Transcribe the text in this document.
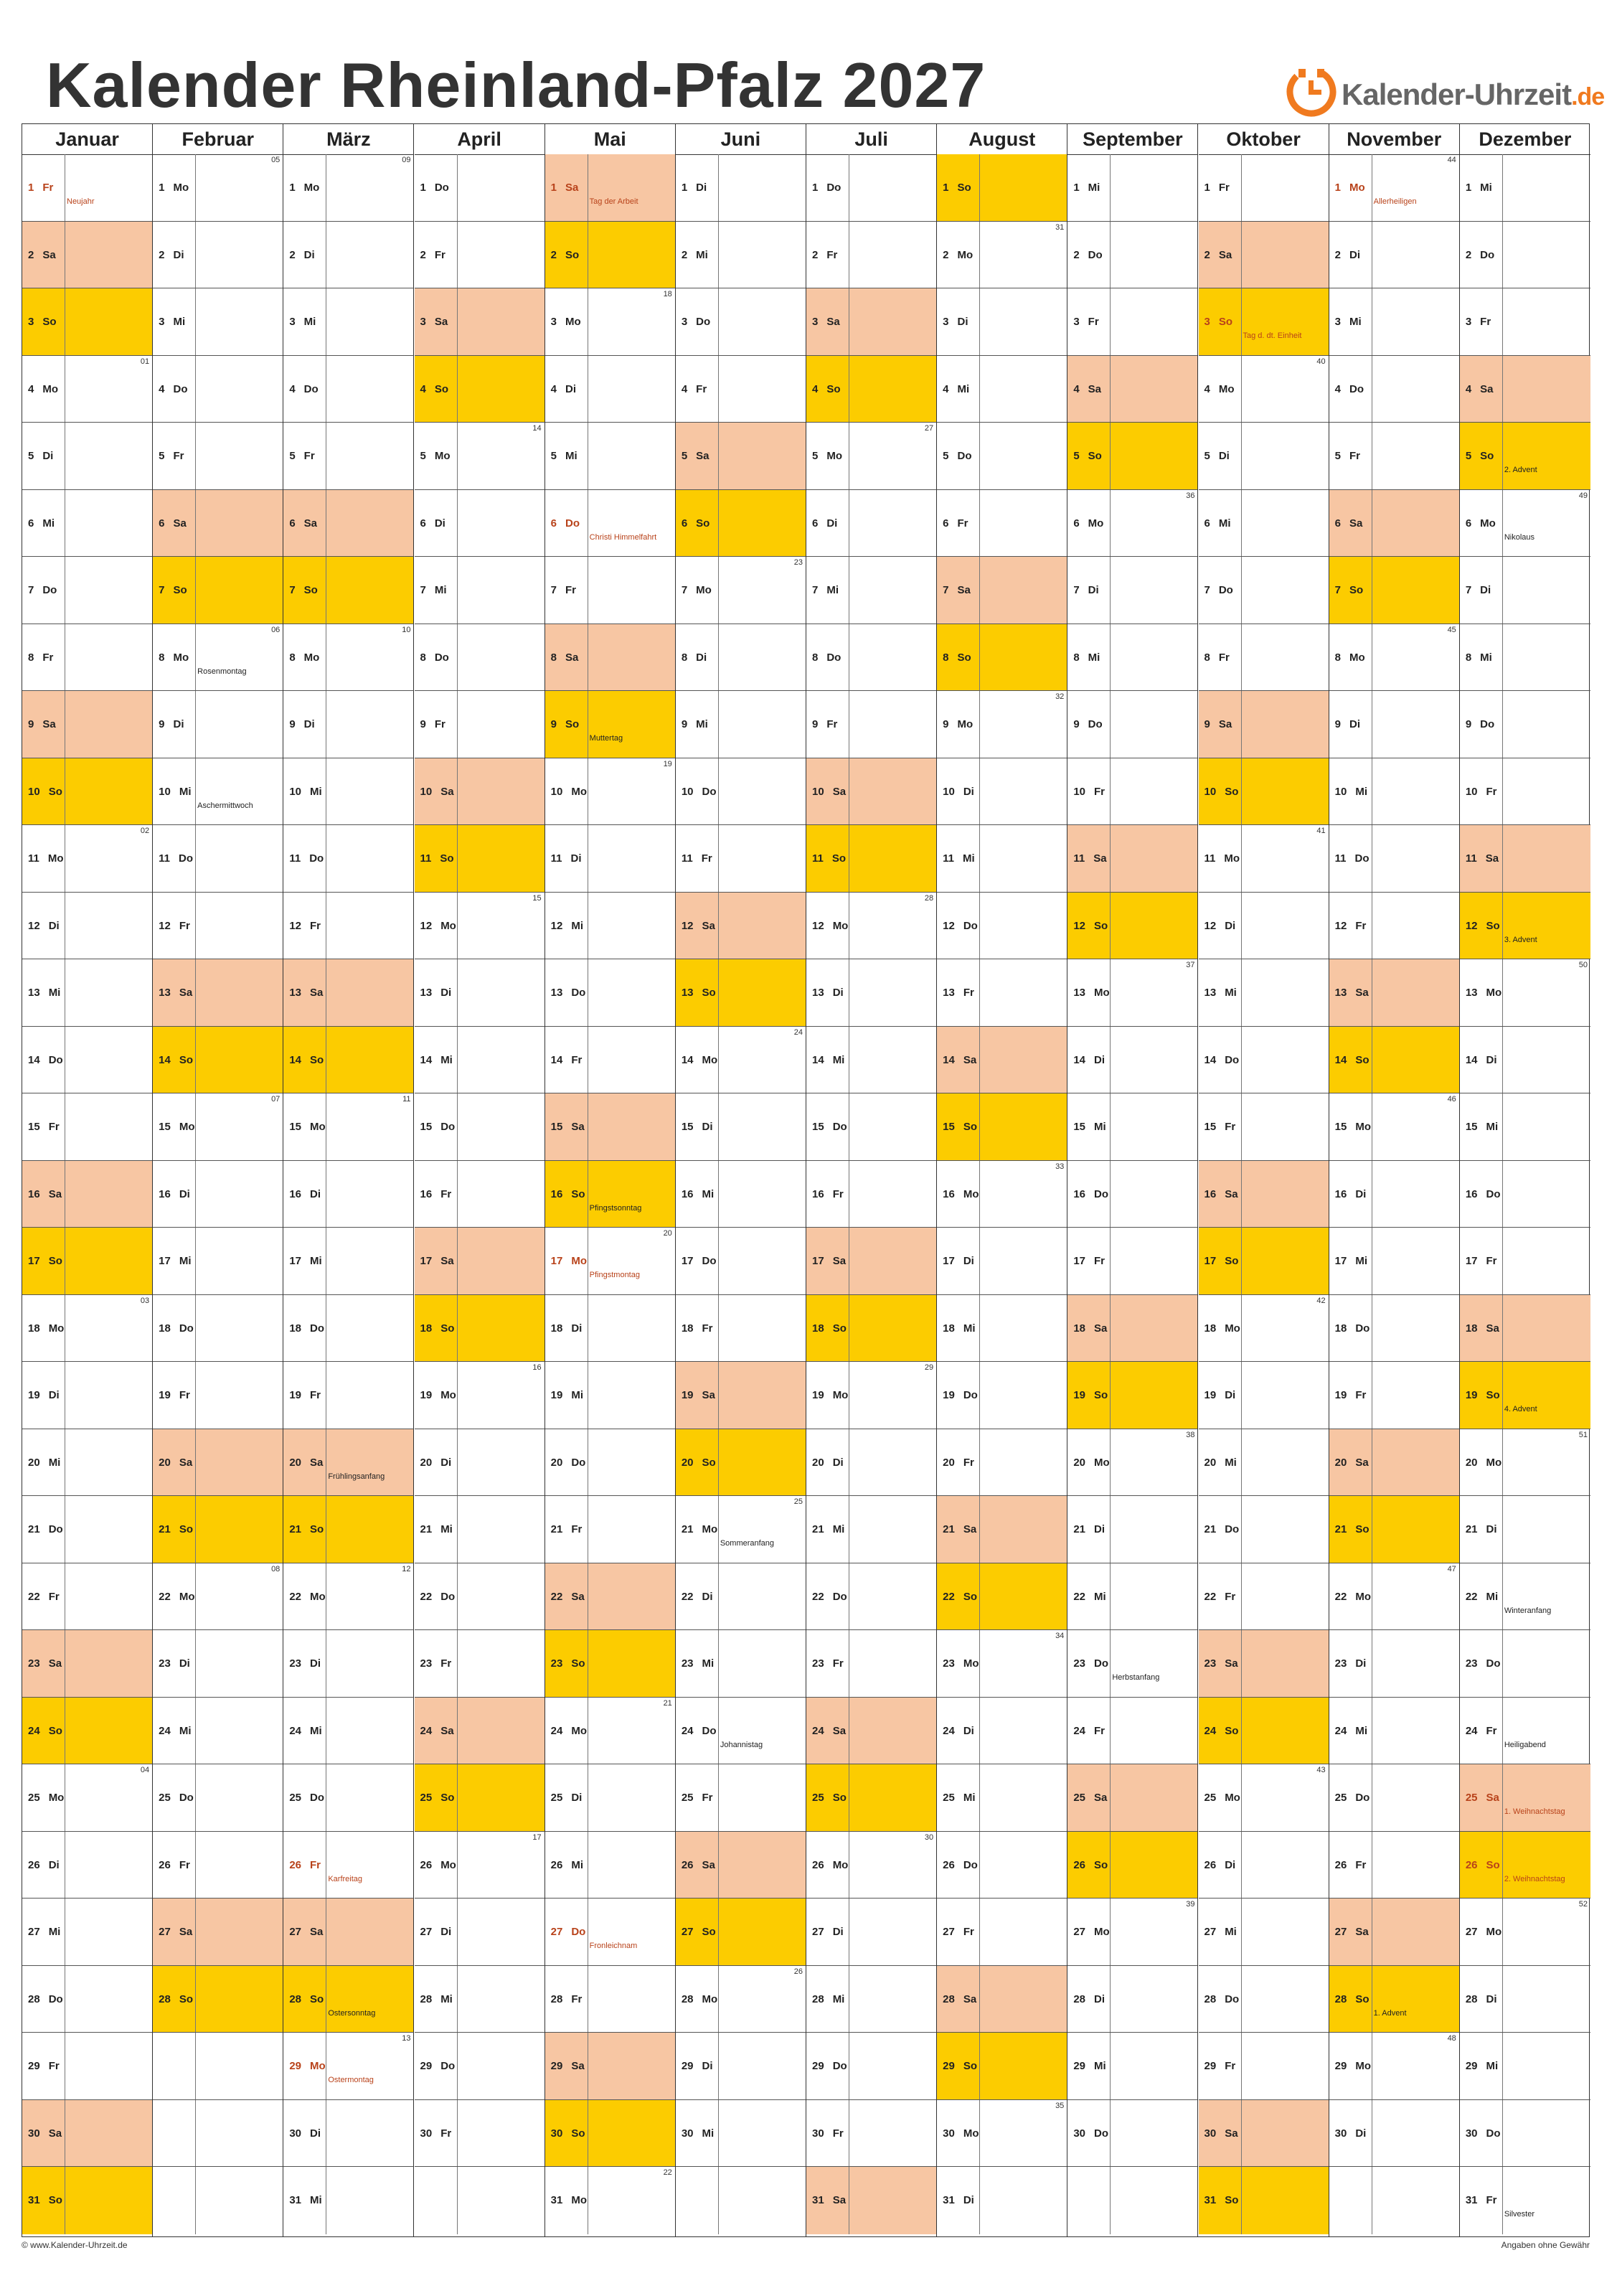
Kalender Rheinland-Pfalz 2027	Kalender-Uhrzeit.de
Januar
1 Fr
Neujahr
2 Sa
3 So
4 Mo
01
5 Di
6 Mi
7 Do
8 Fr
9 Sa
10 So
11 Mo
02
12 Di
13 Mi
14 Do
15 Fr
16 Sa
17 So
18 Mo
03
19 Di
20 Mi
21 Do
22 Fr
23 Sa
24 So
25 Mo
04
26 Di
27 Mi
28 Do
29 Fr
30 Sa
31 So
Februar
1 Mo
05
2 Di
3 Mi
4 Do
5 Fr
6 Sa
7 So
8 Mo
06
Rosenmontag
9 Di
10 Mi
Aschermittwoch
11 Do
12 Fr
13 Sa
14 So
15 Mo
07
16 Di
17 Mi
18 Do
19 Fr
20 Sa
21 So
22 Mo
08
23 Di
24 Mi
25 Do
26 Fr
27 Sa
28 So
März
1 Mo
09
2 Di
3 Mi
4 Do
5 Fr
6 Sa
7 So
8 Mo
10
9 Di
10 Mi
11 Do
12 Fr
13 Sa
14 So
15 Mo
11
16 Di
17 Mi
18 Do
19 Fr
20 Sa
Frühlingsanfang
21 So
22 Mo
12
23 Di
24 Mi
25 Do
26 Fr
Karfreitag
27 Sa
28 So
Ostersonntag
29 Mo
13
Ostermontag
30 Di
31 Mi
April
1 Do
2 Fr
3 Sa
4 So
5 Mo
14
6 Di
7 Mi
8 Do
9 Fr
10 Sa
11 So
12 Mo
15
13 Di
14 Mi
15 Do
16 Fr
17 Sa
18 So
19 Mo
16
20 Di
21 Mi
22 Do
23 Fr
24 Sa
25 So
26 Mo
17
27 Di
28 Mi
29 Do
30 Fr
Mai
1 Sa
Tag der Arbeit
2 So
3 Mo
18
4 Di
5 Mi
6 Do
Christi Himmelfahrt
7 Fr
8 Sa
9 So
Muttertag
10 Mo
19
11 Di
12 Mi
13 Do
14 Fr
15 Sa
16 So
Pfingstsonntag
17 Mo
20
Pfingstmontag
18 Di
19 Mi
20 Do
21 Fr
22 Sa
23 So
24 Mo
21
25 Di
26 Mi
27 Do
Fronleichnam
28 Fr
29 Sa
30 So
31 Mo
22
Juni
1 Di
2 Mi
3 Do
4 Fr
5 Sa
6 So
7 Mo
23
8 Di
9 Mi
10 Do
11 Fr
12 Sa
13 So
14 Mo
24
15 Di
16 Mi
17 Do
18 Fr
19 Sa
20 So
21 Mo
25
Sommeranfang
22 Di
23 Mi
24 Do
Johannistag
25 Fr
26 Sa
27 So
28 Mo
26
29 Di
30 Mi
Juli
1 Do
2 Fr
3 Sa
4 So
5 Mo
27
6 Di
7 Mi
8 Do
9 Fr
10 Sa
11 So
12 Mo
28
13 Di
14 Mi
15 Do
16 Fr
17 Sa
18 So
19 Mo
29
20 Di
21 Mi
22 Do
23 Fr
24 Sa
25 So
26 Mo
30
27 Di
28 Mi
29 Do
30 Fr
31 Sa
August
1 So
2 Mo
31
3 Di
4 Mi
5 Do
6 Fr
7 Sa
8 So
9 Mo
32
10 Di
11 Mi
12 Do
13 Fr
14 Sa
15 So
16 Mo
33
17 Di
18 Mi
19 Do
20 Fr
21 Sa
22 So
23 Mo
34
24 Di
25 Mi
26 Do
27 Fr
28 Sa
29 So
30 Mo
35
31 Di
September
1 Mi
2 Do
3 Fr
4 Sa
5 So
6 Mo
36
7 Di
8 Mi
9 Do
10 Fr
11 Sa
12 So
13 Mo
37
14 Di
15 Mi
16 Do
17 Fr
18 Sa
19 So
20 Mo
38
21 Di
22 Mi
23 Do
Herbstanfang
24 Fr
25 Sa
26 So
27 Mo
39
28 Di
29 Mi
30 Do
Oktober
1 Fr
2 Sa
3 So
Tag d. dt. Einheit
4 Mo
40
5 Di
6 Mi
7 Do
8 Fr
9 Sa
10 So
11 Mo
41
12 Di
13 Mi
14 Do
15 Fr
16 Sa
17 So
18 Mo
42
19 Di
20 Mi
21 Do
22 Fr
23 Sa
24 So
25 Mo
43
26 Di
27 Mi
28 Do
29 Fr
30 Sa
31 So
November
1 Mo
44
Allerheiligen
2 Di
3 Mi
4 Do
5 Fr
6 Sa
7 So
8 Mo
45
9 Di
10 Mi
11 Do
12 Fr
13 Sa
14 So
15 Mo
46
16 Di
17 Mi
18 Do
19 Fr
20 Sa
21 So
22 Mo
47
23 Di
24 Mi
25 Do
26 Fr
27 Sa
28 So
1. Advent
29 Mo
48
30 Di
Dezember
1 Mi
2 Do
3 Fr
4 Sa
5 So
2. Advent
6 Mo
49
Nikolaus
7 Di
8 Mi
9 Do
10 Fr
11 Sa
12 So
3. Advent
13 Mo
50
14 Di
15 Mi
16 Do
17 Fr
18 Sa
19 So
4. Advent
20 Mo
51
21 Di
22 Mi
Winteranfang
23 Do
24 Fr
Heiligabend
25 Sa
1. Weihnachtstag
26 So
2. Weihnachtstag
27 Mo
52
28 Di
29 Mi
30 Do
31 Fr
Silvester
© www.Kalender-Uhrzeit.de	Angaben ohne Gewähr
